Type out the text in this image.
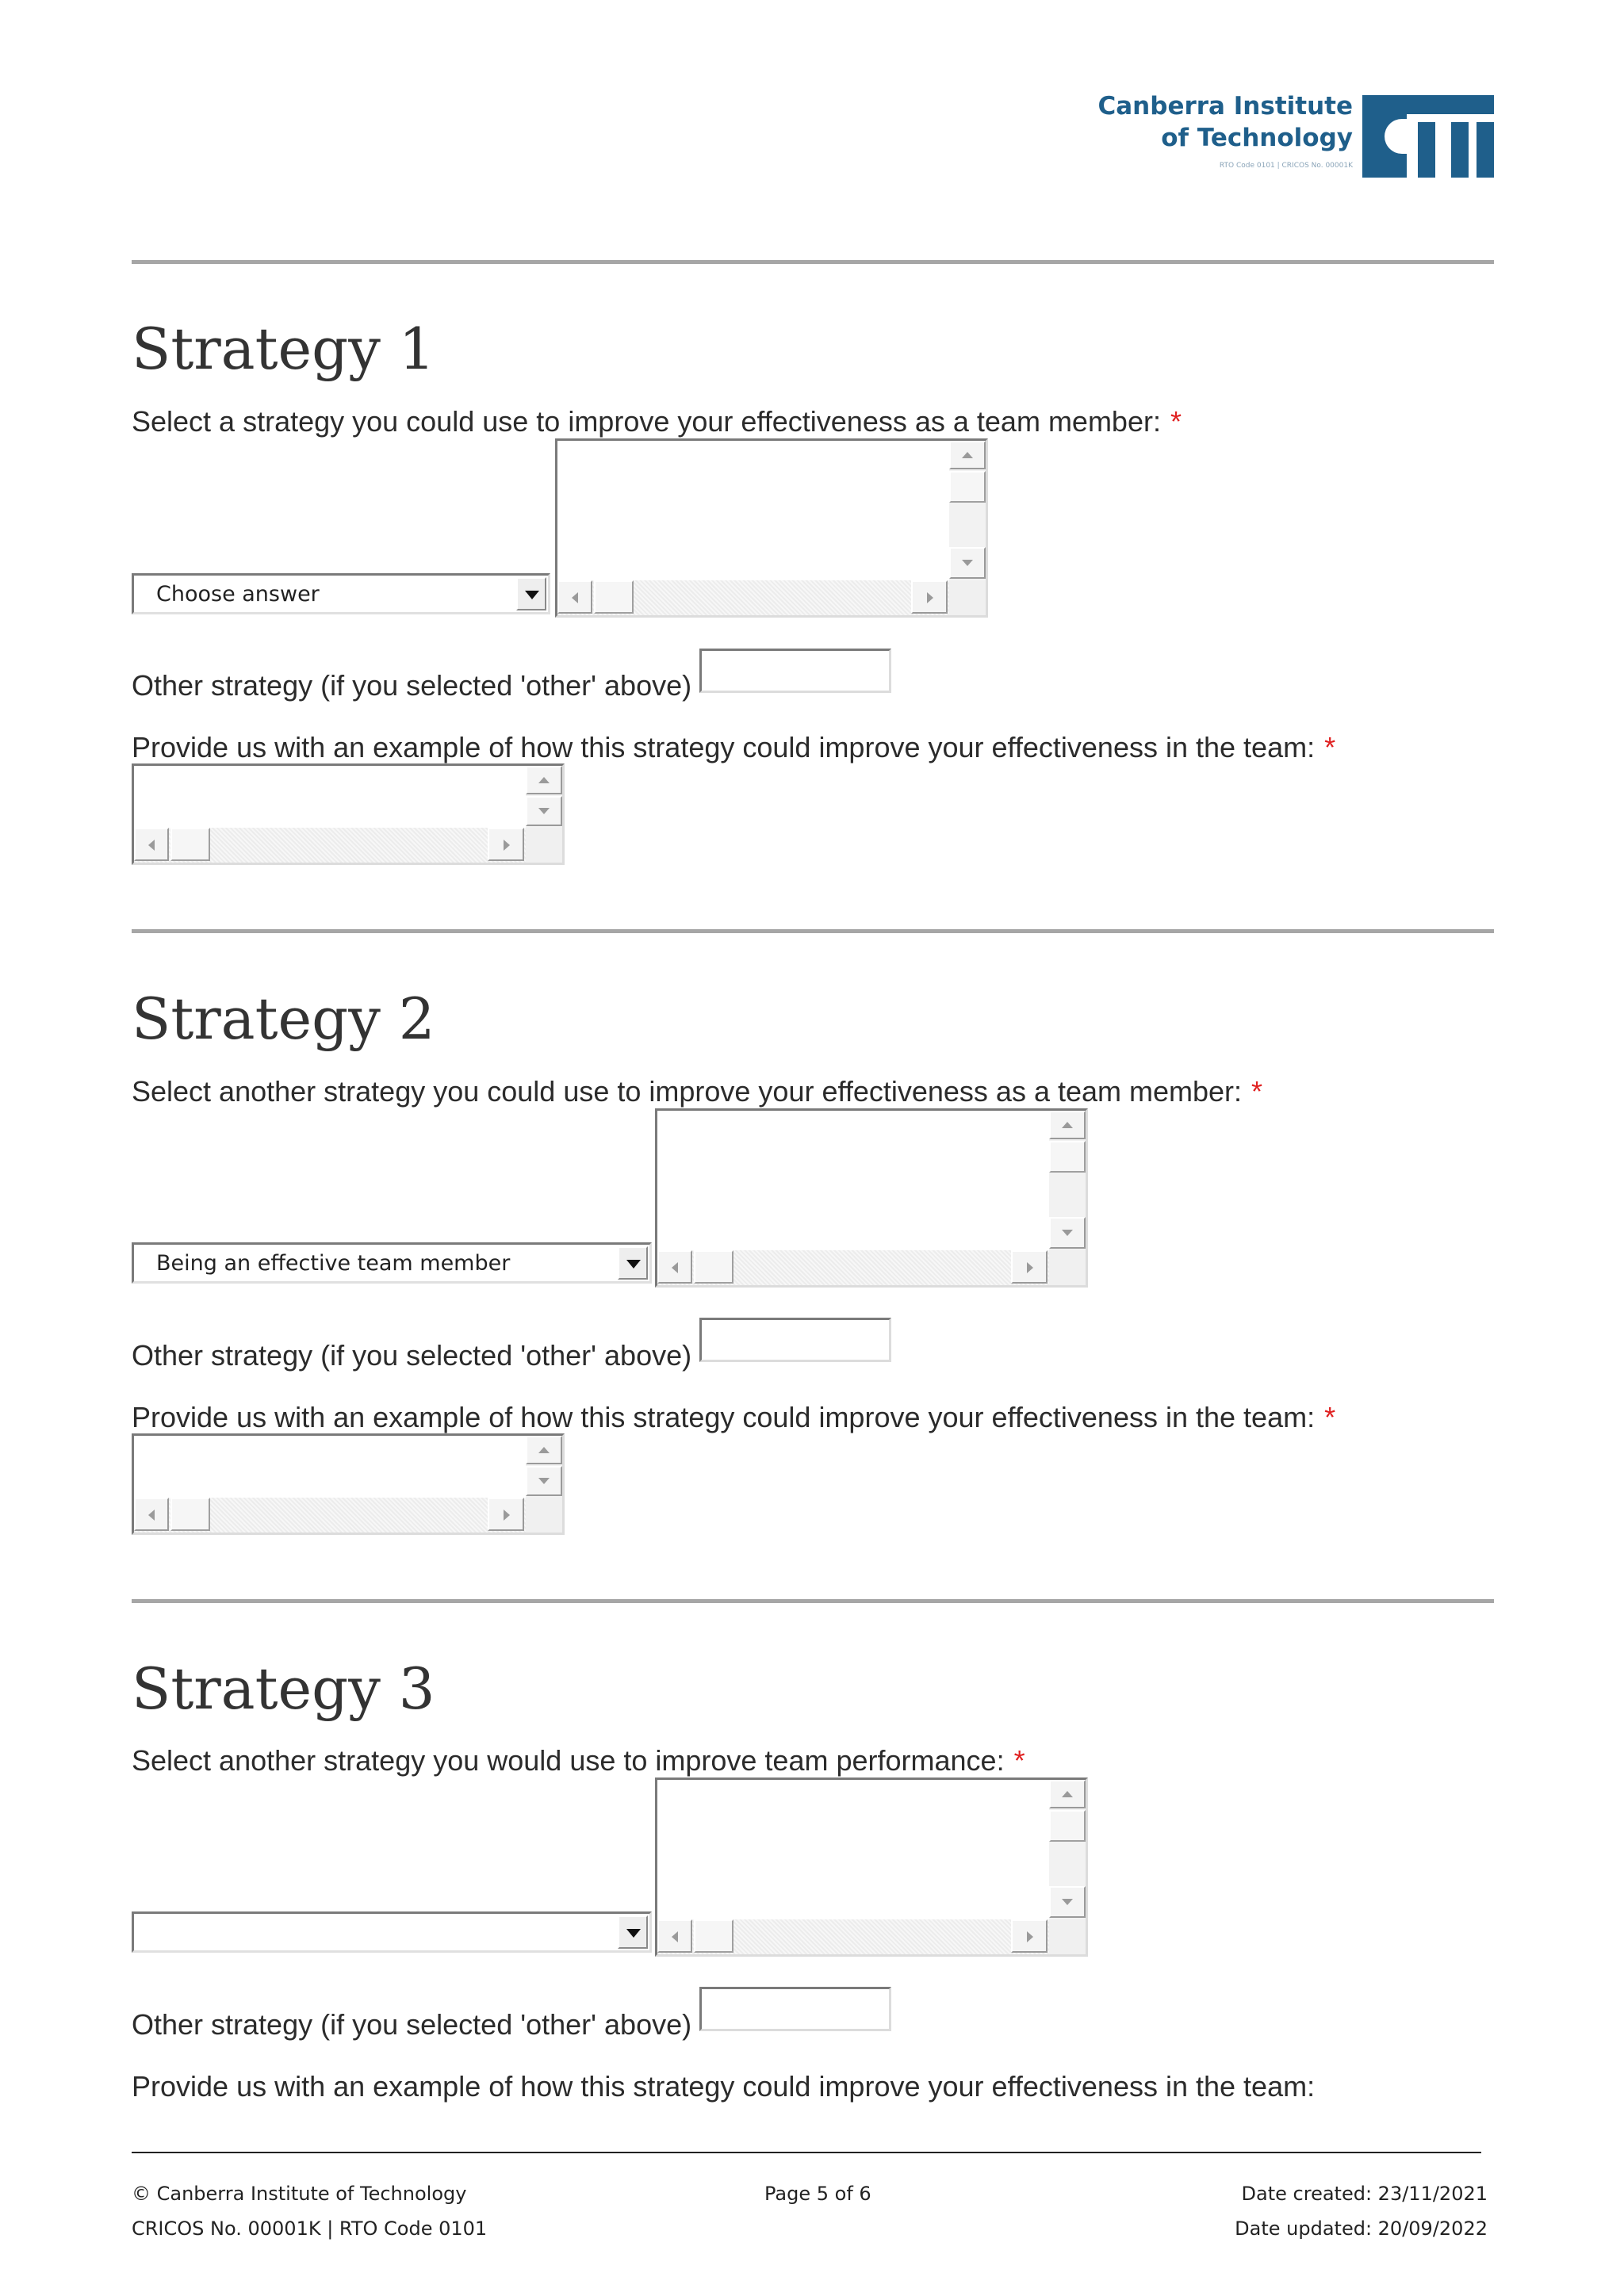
Canberra Institute
of Technology
RTO Code 0101 | CRICOS No. 00001K
Strategy 1
Select a strategy you could use to improve your effectiveness as a team member: *
Choose answer
Other strategy (if you selected 'other' above)
Provide us with an example of how this strategy could improve your effectiveness in the team: *
Strategy 2
Select another strategy you could use to improve your effectiveness as a team member: *
Being an effective team member
Other strategy (if you selected 'other' above)
Provide us with an example of how this strategy could improve your effectiveness in the team: *
Strategy 3
Select another strategy you would use to improve team performance: *
Other strategy (if you selected 'other' above)
Provide us with an example of how this strategy could improve your effectiveness in the team:
© Canberra Institute of Technology
CRICOS No. 00001K | RTO Code 0101
Page 5 of 6	Date created: 23/11/2021
Date updated: 20/09/2022
